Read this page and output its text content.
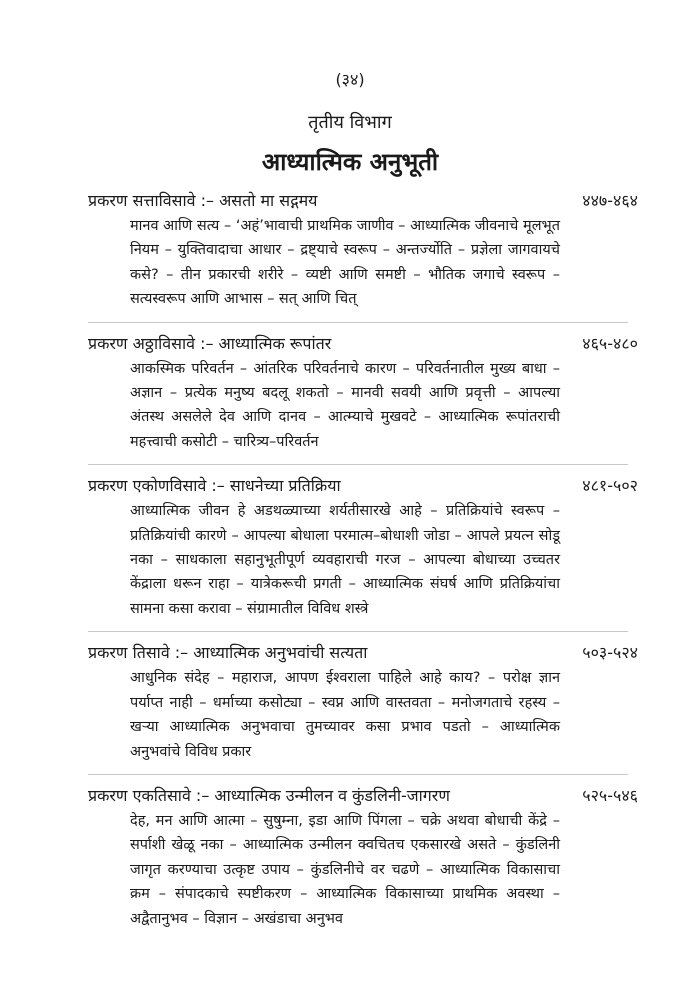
(३४)
तृतीय विभाग
आध्यात्मिक अनुभूती
प्रकरण सत्ताविसावे :– असतो मा सद्गमय	४४७-४६४
मानव आणि सत्य – ‘अहं’भावाची प्राथमिक जाणीव – आध्यात्मिक जीवनाचे मूलभूत नियम – युक्तिवादाचा आधार – द्रष्ट्याचे स्वरूप – अन्तर्ज्योति – प्रज्ञेला जागवायचे कसे? – तीन प्रकारची शरीरे – व्यष्टी आणि समष्टी – भौतिक जगाचे स्वरूप – सत्यस्वरूप आणि आभास – सत् आणि चित्
प्रकरण अठ्ठाविसावे :– आध्यात्मिक रूपांतर	४६५-४८०
आकस्मिक परिवर्तन – आंतरिक परिवर्तनाचे कारण – परिवर्तनातील मुख्य बाधा – अज्ञान – प्रत्येक मनुष्य बदलू शकतो – मानवी सवयी आणि प्रवृत्ती – आपल्या अंतस्थ असलेले देव आणि दानव – आत्म्याचे मुखवटे – आध्यात्मिक रूपांतराची महत्त्वाची कसोटी – चारित्र्य–परिवर्तन
प्रकरण एकोणविसावे :– साधनेच्या प्रतिक्रिया	४८१-५०२
आध्यात्मिक जीवन हे अडथळ्याच्या शर्यतीसारखे आहे – प्रतिक्रियांचे स्वरूप – प्रतिक्रियांची कारणे – आपल्या बोधाला परमात्म–बोधाशी जोडा – आपले प्रयत्न सोडू नका – साधकाला सहानुभूतीपूर्ण व्यवहाराची गरज – आपल्या बोधाच्या उच्चतर केंद्राला धरून राहा – यात्रेकरूची प्रगती – आध्यात्मिक संघर्ष आणि प्रतिक्रियांचा सामना कसा करावा – संग्रामातील विविध शस्त्रे
प्रकरण तिसावे :– आध्यात्मिक अनुभवांची सत्यता	५०३-५२४
आधुनिक संदेह – महाराज, आपण ईश्वराला पाहिले आहे काय? – परोक्ष ज्ञान पर्याप्त नाही – धर्माच्या कसोट्या – स्वप्न आणि वास्तवता – मनोजगताचे रहस्य – खऱ्या आध्यात्मिक अनुभवाचा तुमच्यावर कसा प्रभाव पडतो – आध्यात्मिक अनुभवांचे विविध प्रकार
प्रकरण एकतिसावे :– आध्यात्मिक उन्मीलन व कुंडलिनी-जागरण	५२५-५४६
देह, मन आणि आत्मा – सुषुम्ना, इडा आणि पिंगला – चक्रे अथवा बोधाची केंद्रे – सर्पाशी खेळू नका – आध्यात्मिक उन्मीलन क्वचितच एकसारखे असते – कुंडलिनी जागृत करण्याचा उत्कृष्ट उपाय – कुंडलिनीचे वर चढणे – आध्यात्मिक विकासाचा क्रम – संपादकाचे स्पष्टीकरण – आध्यात्मिक विकासाच्या प्राथमिक अवस्था – अद्वैतानुभव – विज्ञान – अखंडाचा अनुभव
